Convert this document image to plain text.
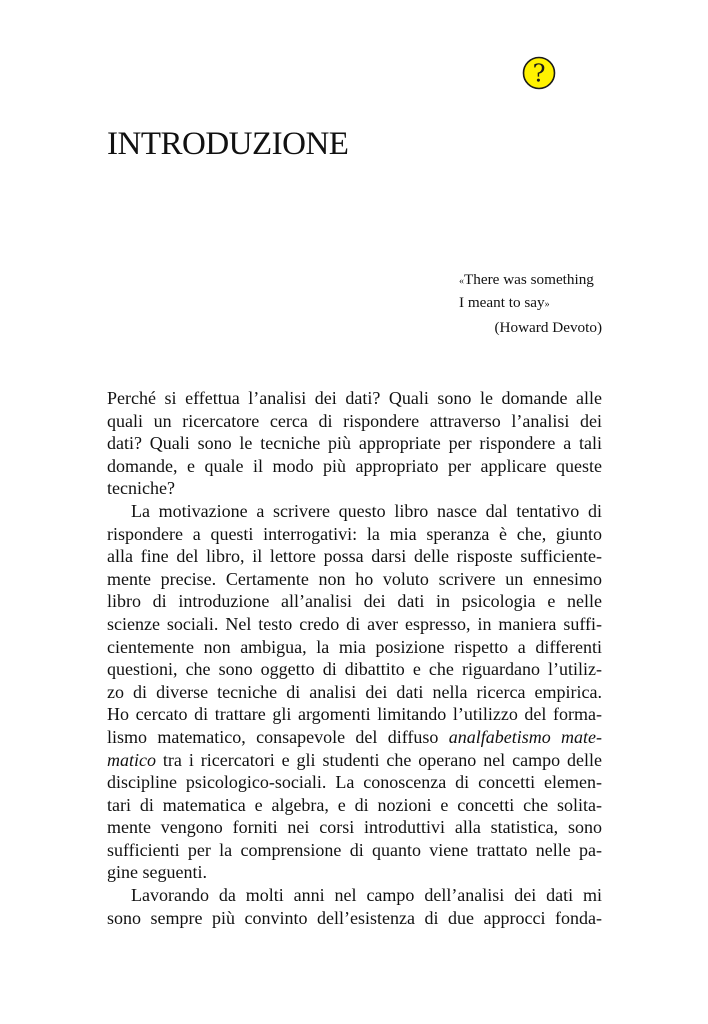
?
INTRODUZIONE
«There was something
I meant to say»
(Howard Devoto)

Perché si effettua l’analisi dei dati? Quali sono le domande alle
quali un ricercatore cerca di rispondere attraverso l’analisi dei
dati? Quali sono le tecniche più appropriate per rispondere a tali
domande, e quale il modo più appropriato per applicare queste
tecniche?

La motivazione a scrivere questo libro nasce dal tentativo di
rispondere a questi interrogativi: la mia speranza è che, giunto
alla fine del libro, il lettore possa darsi delle risposte sufficiente-
mente precise. Certamente non ho voluto scrivere un ennesimo
libro di introduzione all’analisi dei dati in psicologia e nelle
scienze sociali. Nel testo credo di aver espresso, in maniera suffi-
cientemente non ambigua, la mia posizione rispetto a differenti
questioni, che sono oggetto di dibattito e che riguardano l’utiliz-
zo di diverse tecniche di analisi dei dati nella ricerca empirica.
Ho cercato di trattare gli argomenti limitando l’utilizzo del forma-
lismo matematico, consapevole del diffuso analfabetismo mate-
matico tra i ricercatori e gli studenti che operano nel campo delle
discipline psicologico-sociali. La conoscenza di concetti elemen-
tari di matematica e algebra, e di nozioni e concetti che solita-
mente vengono forniti nei corsi introduttivi alla statistica, sono
sufficienti per la comprensione di quanto viene trattato nelle pa-
gine seguenti.

Lavorando da molti anni nel campo dell’analisi dei dati mi
sono sempre più convinto dell’esistenza di due approcci fonda-
